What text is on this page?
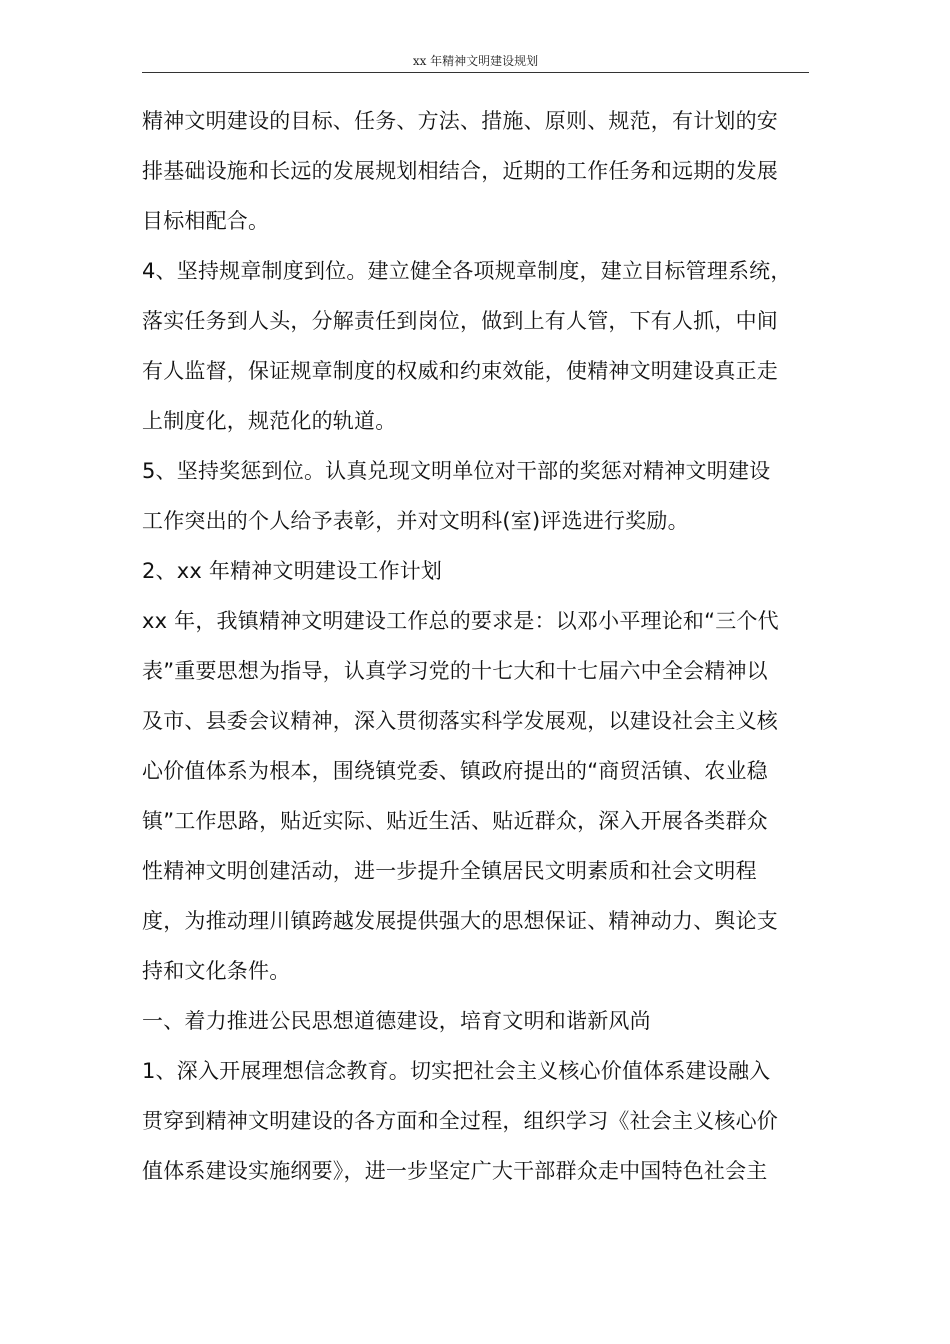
xx 年精神文明建设规划
精神文明建设的目标、任务、方法、措施、原则、规范，有计划的安
排基础设施和长远的发展规划相结合，近期的工作任务和远期的发展
目标相配合。
4、坚持规章制度到位。建立健全各项规章制度，建立目标管理系统，
落实任务到人头，分解责任到岗位，做到上有人管，下有人抓，中间
有人监督，保证规章制度的权威和约束效能，使精神文明建设真正走
上制度化，规范化的轨道。
5、坚持奖惩到位。认真兑现文明单位对干部的奖惩对精神文明建设
工作突出的个人给予表彰，并对文明科(室)评选进行奖励。
2、xx 年精神文明建设工作计划
xx 年，我镇精神文明建设工作总的要求是：以邓小平理论和“三个代
表”重要思想为指导，认真学习党的十七大和十七届六中全会精神以
及市、县委会议精神，深入贯彻落实科学发展观，以建设社会主义核
心价值体系为根本，围绕镇党委、镇政府提出的“商贸活镇、农业稳
镇”工作思路，贴近实际、贴近生活、贴近群众，深入开展各类群众
性精神文明创建活动，进一步提升全镇居民文明素质和社会文明程
度，为推动理川镇跨越发展提供强大的思想保证、精神动力、舆论支
持和文化条件。
一、着力推进公民思想道德建设，培育文明和谐新风尚
1、深入开展理想信念教育。切实把社会主义核心价值体系建设融入
贯穿到精神文明建设的各方面和全过程，组织学习《社会主义核心价
值体系建设实施纲要》，进一步坚定广大干部群众走中国特色社会主
